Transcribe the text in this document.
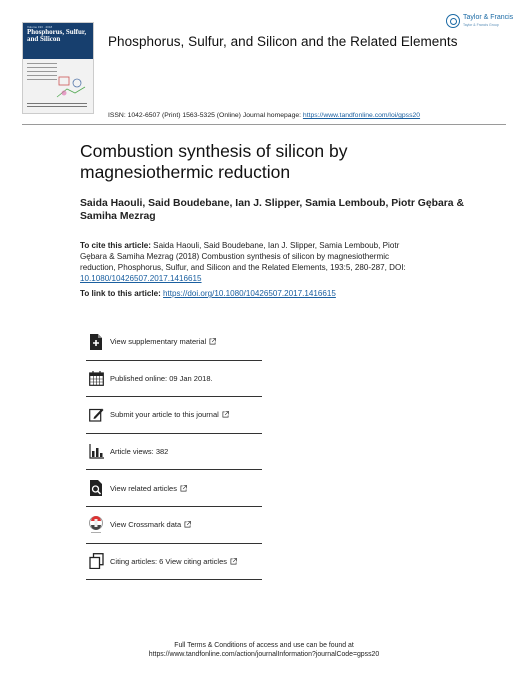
Volume 193 · 2018
Phosphorus, Sulfur, and Silicon	Phosphorus, Sulfur, and Silicon and the Related Elements
Taylor & Francis
Taylor & Francis Group
ISSN: 1042-6507 (Print) 1563-5325 (Online) Journal homepage: https://www.tandfonline.com/loi/gpss20
Combustion synthesis of silicon by magnesiothermic reduction
Saida Haouli, Said Boudebane, Ian J. Slipper, Samia Lemboub, Piotr Gębara & Samiha Mezrag
To cite this article: Saida Haouli, Said Boudebane, Ian J. Slipper, Samia Lemboub, Piotr Gębara & Samiha Mezrag (2018) Combustion synthesis of silicon by magnesiothermic reduction, Phosphorus, Sulfur, and Silicon and the Related Elements, 193:5, 280-287, DOI: 10.1080/10426507.2017.1416615
To link to this article: https://doi.org/10.1080/10426507.2017.1416615
View supplementary material
Published online: 09 Jan 2018.
Submit your article to this journal
Article views: 382
View related articles
View Crossmark data
Citing articles: 6 View citing articles
Full Terms & Conditions of access and use can be found at
https://www.tandfonline.com/action/journalInformation?journalCode=gpss20
